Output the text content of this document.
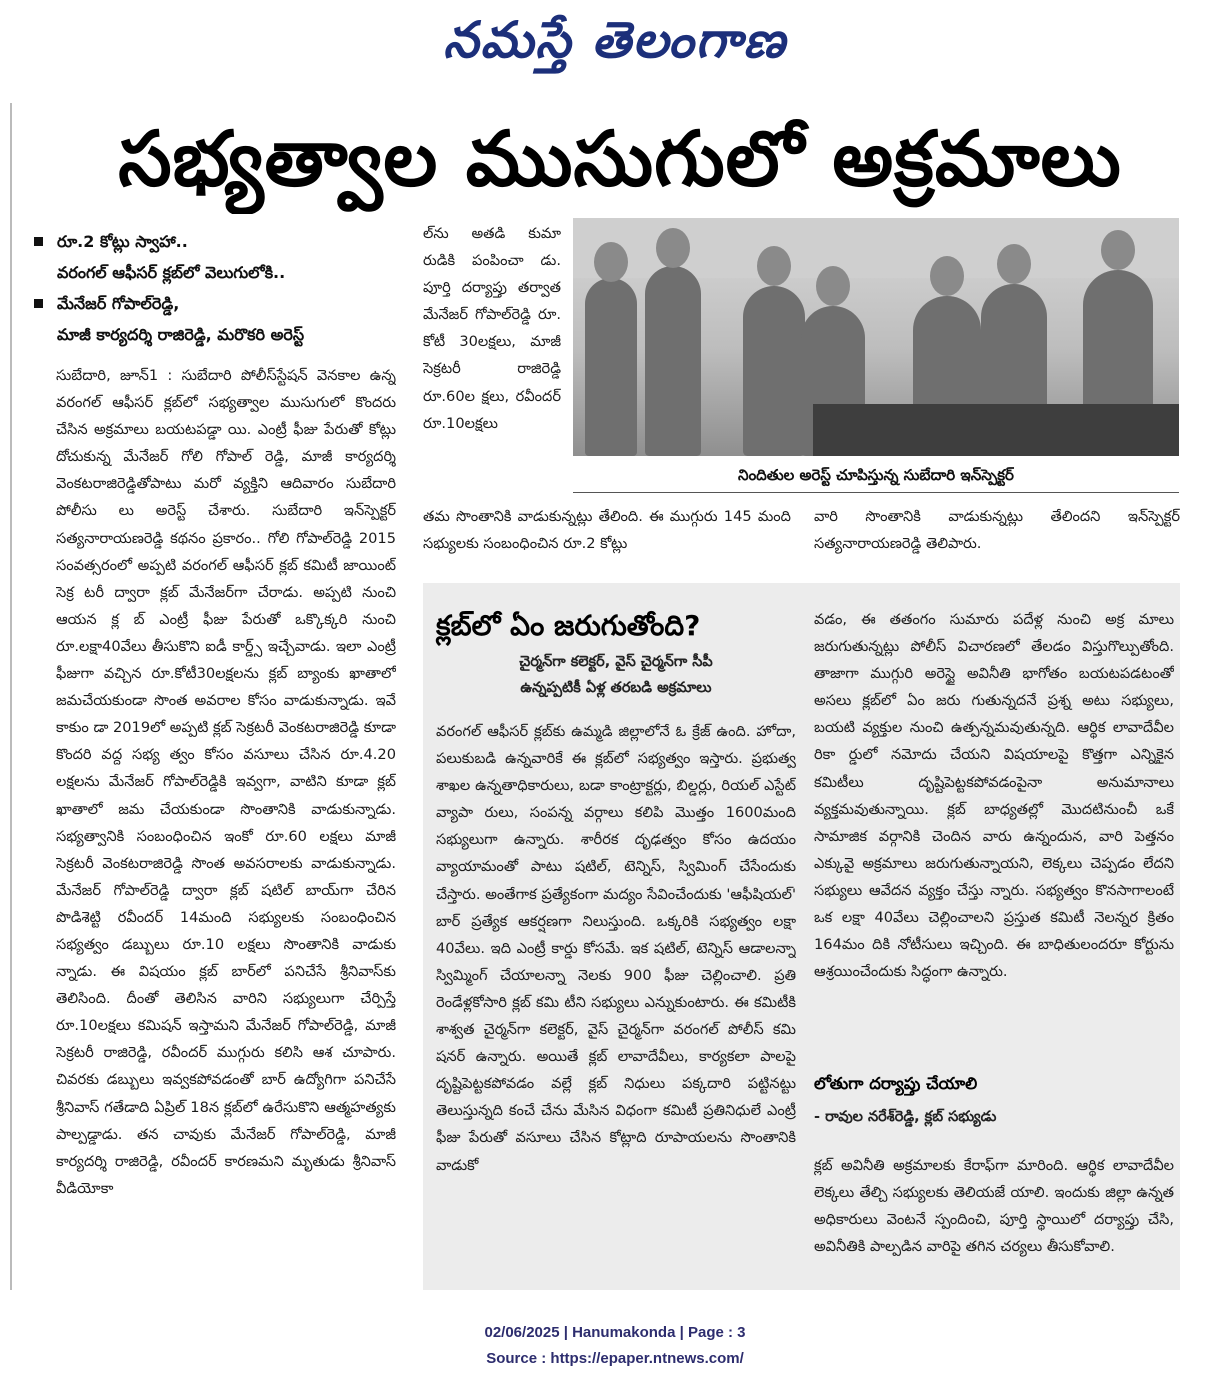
నమస్తే తెలంగాణ
సభ్యత్వాల ముసుగులో అక్రమాలు
రూ.2 కోట్లు స్వాహా..
వరంగల్ ఆఫీసర్ క్లబ్‌లో వెలుగులోకి..
మేనేజర్ గోపాల్‌రెడ్డి,
మాజీ కార్యదర్శి రాజిరెడ్డి, మరొకరి అరెస్ట్
సుబేదారి, జూన్1 : సుబేదారి పోలీస్‌స్టేషన్ వెనకాల ఉన్న వరంగల్ ఆఫీసర్ క్లబ్‌లో సభ్యత్వాల ముసుగులో కొందరు చేసిన అక్రమాలు బయటపడ్డా యి. ఎంట్రీ ఫీజు పేరుతో కోట్లు దోచుకున్న మేనేజర్ గోలి గోపాల్ రెడ్డి, మాజీ కార్యదర్శి వెంకటరాజిరెడ్డితోపాటు మరో వ్యక్తిని ఆదివారం సుబేదారి పోలీసు లు అరెస్ట్ చేశారు. సుబేదారి ఇన్‌స్పెక్టర్ సత్యనారాయణరెడ్డి కథనం ప్రకారం.. గోలి గోపాల్‌రెడ్డి 2015 సంవత్సరంలో అప్పటి వరంగల్ ఆఫీసర్ క్లబ్ కమిటీ జాయింట్ సెక్ర టరీ ద్వారా క్లబ్ మేనేజర్‌గా చేరాడు. అప్పటి నుంచి ఆయన క్ల బ్ ఎంట్రీ ఫీజు పేరుతో ఒక్కొక్కరి నుంచి రూ.లక్షా40వేలు తీసుకొని ఐడీ కార్డ్స్ ఇచ్చేవాడు. ఇలా ఎంట్రీ ఫీజుగా వచ్చిన రూ.కోటీ30లక్షలను క్లబ్ బ్యాంకు ఖాతాలో జమచేయకుండా సొంత అవరాల కోసం వాడుకున్నాడు. ఇవే కాకుం డా 2019లో అప్పటి క్లబ్ సెక్రటరీ వెంకటరాజిరెడ్డి కూడా కొందరి వద్ద సభ్య త్వం కోసం వసూలు చేసిన రూ.4.20 లక్షలను మేనేజర్ గోపాల్‌రెడ్డికి ఇవ్వగా, వాటిని కూడా క్లబ్ ఖాతాలో జమ చేయకుండా సొంతానికి వాడుకున్నాడు. సభ్యత్వానికి సంబంధించిన ఇంకో రూ.60 లక్షలు మాజీ సెక్రటరీ వెంకటరాజిరెడ్డి సొంత అవసరాలకు వాడుకున్నాడు. మేనేజర్ గోపాల్‌రెడ్డి ద్వారా క్లబ్ షటిల్ బాయ్‌గా చేరిన పొడిశెట్టి రవీందర్ 14మంది సభ్యులకు సంబంధించిన సభ్యత్వం డబ్బులు రూ.10 లక్షలు సొంతానికి వాడుకు న్నాడు. ఈ విషయం క్లబ్ బార్‌లో పనిచేసే శ్రీనివాస్‌కు తెలిసింది. దీంతో తెలిసిన వారిని సభ్యులుగా చేర్పిస్తే రూ.10లక్షలు కమిషన్ ఇస్తామని మేనేజర్ గోపాల్‌రెడ్డి, మాజీ సెక్రటరీ రాజిరెడ్డి, రవీందర్ ముగ్గురు కలిసి ఆశ చూపారు. చివరకు డబ్బులు ఇవ్వకపోవడంతో బార్ ఉద్యోగిగా పనిచేసే శ్రీనివాస్ గతేడాది ఏప్రిల్ 18న క్లబ్‌లో ఉరేసుకొని ఆత్మహత్యకు పాల్పడ్డాడు. తన చావుకు మేనేజర్ గోపాల్‌రెడ్డి, మాజీ కార్యదర్శి రాజిరెడ్డి, రవీందర్ కారణమని మృతుడు శ్రీనివాస్ వీడియోకా
ల్‌ను అతడి కుమా రుడికి పంపించా డు. పూర్తి దర్యాప్తు తర్వాత మేనేజర్ గోపాల్‌రెడ్డి రూ. కోటీ 30లక్షలు, మాజీ సెక్రటరీ రాజిరెడ్డి రూ.60ల క్షలు, రవీందర్ రూ.10లక్షలు
నిందితుల అరెస్ట్ చూపిస్తున్న సుబేదారి ఇన్‌స్పెక్టర్
తమ సొంతానికి వాడుకున్నట్లు తేలింది. ఈ ముగ్గురు 145 మంది సభ్యులకు సంబంధించిన రూ.2 కోట్లు
వారి సొంతానికి వాడుకున్నట్లు తేలిందని ఇన్‌స్పెక్టర్ సత్యనారాయణరెడ్డి తెలిపారు.
క్లబ్‌లో ఏం జరుగుతోంది?
చైర్మన్‌గా కలెక్టర్, వైస్ చైర్మన్‌గా సీపీ
ఉన్నప్పటికీ ఏళ్ల తరబడి అక్రమాలు
వరంగల్ ఆఫీసర్ క్లబ్‌కు ఉమ్మడి జిల్లాలోనే ఓ క్రేజ్ ఉంది. హోదా, పలుకుబడి ఉన్నవారికే ఈ క్లబ్‌లో సభ్యత్వం ఇస్తారు. ప్రభుత్వ శాఖల ఉన్నతాధికారులు, బడా కాంట్రాక్టర్లు, బిల్డర్లు, రియల్ ఎస్టేట్ వ్యాపా రులు, సంపన్న వర్గాలు కలిపి మొత్తం 1600మంది సభ్యులుగా ఉన్నారు. శారీరక దృఢత్వం కోసం ఉదయం వ్యాయామంతో పాటు షటిల్, టెన్నిస్, స్విమింగ్ చేసేందుకు చేస్తారు. అంతేగాక ప్రత్యేకంగా మద్యం సేవించేందుకు 'ఆఫీషియల్' బార్ ప్రత్యేక ఆకర్షణగా నిలుస్తుంది. ఒక్కరికి సభ్యత్వం లక్షా 40వేలు. ఇది ఎంట్రీ కార్డు కోసమే. ఇక షటిల్, టెన్నిస్ ఆడాలన్నా స్విమ్మింగ్ చేయాలన్నా నెలకు 900 ఫీజు చెల్లించాలి. ప్రతి రెండేళ్లకోసారి క్లబ్ కమి టీని సభ్యులు ఎన్నుకుంటారు. ఈ కమిటీకి శాశ్వత చైర్మన్‌గా కలెక్టర్, వైస్ చైర్మన్‌గా వరంగల్ పోలీస్ కమి షనర్ ఉన్నారు. అయితే క్లబ్ లావాదేవీలు, కార్యకలా పాలపై దృష్టిపెట్టకపోవడం వల్లే క్లబ్ నిధులు పక్కదారి పట్టినట్టు తెలుస్తున్నది కంచే చేను మేసిన విధంగా కమిటీ ప్రతినిధులే ఎంట్రీ ఫీజు పేరుతో వసూలు చేసిన కోట్లాది రూపాయలను సొంతానికి వాడుకో
వడం, ఈ తతంగం సుమారు పదేళ్ల నుంచి అక్ర మాలు జరుగుతున్నట్లు పోలీస్ విచారణలో తేలడం విస్తుగొల్పుతోంది. తాజాగా ముగ్గురి అరెస్టై అవినీతి భాగోతం బయటపడటంతో అసలు క్లబ్‌లో ఏం జరు గుతున్నదనే ప్రశ్న అటు సభ్యులు, బయటి వ్యక్తుల నుంచి ఉత్పన్నమవుతున్నది. ఆర్థిక లావాదేవీల రికా ర్డులో నమోదు చేయని విషయాలపై కొత్తగా ఎన్నికైన కమిటీలు దృష్టిపెట్టకపోవడంపైనా అనుమానాలు వ్యక్తమవుతున్నాయి. క్లబ్ బాధ్యతల్లో మొదటినుంచీ ఒకే సామాజిక వర్గానికి చెందిన వారు ఉన్నందున, వారి పెత్తనం ఎక్కువై అక్రమాలు జరుగుతున్నాయని, లెక్కలు చెప్పడం లేదని సభ్యులు ఆవేదన వ్యక్తం చేస్తు న్నారు. సభ్యత్వం కొనసాగాలంటే ఒక లక్షా 40వేలు చెల్లించాలని ప్రస్తుత కమిటీ నెలన్నర క్రితం 164మం దికి నోటీసులు ఇచ్చింది. ఈ బాధితులందరూ కోర్టును ఆశ్రయించేందుకు సిద్ధంగా ఉన్నారు.
లోతుగా దర్యాప్తు చేయాలి
- రావుల నరేశ్‌రెడ్డి, క్లబ్ సభ్యుడు
క్లబ్ అవినీతి అక్రమాలకు కేరాఫ్‌గా మారింది. ఆర్థిక లావాదేవీల లెక్కలు తేల్చి సభ్యులకు తెలియజే యాలి. ఇందుకు జిల్లా ఉన్నత అధికారులు వెంటనే స్పందించి, పూర్తి స్థాయిలో దర్యాప్తు చేసి, అవినీతికి పాల్పడిన వారిపై తగిన చర్యలు తీసుకోవాలి.
02/06/2025 | Hanumakonda | Page : 3
Source : https://epaper.ntnews.com/
